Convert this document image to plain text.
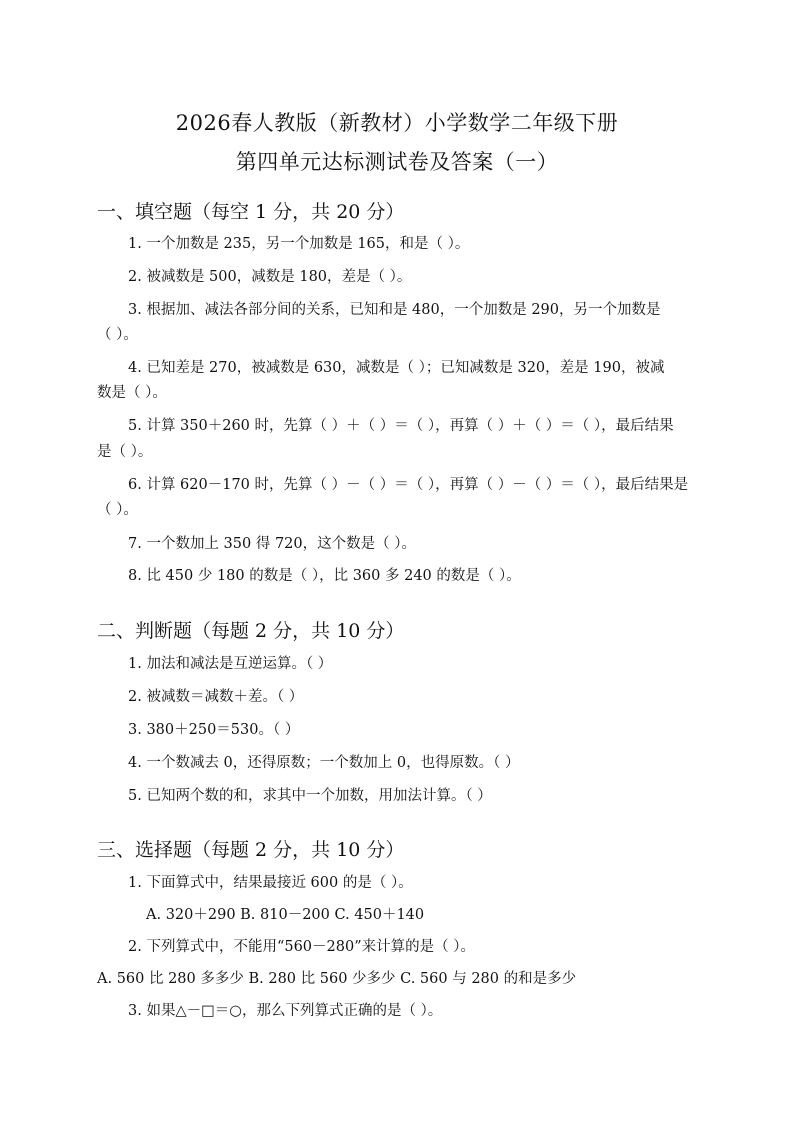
2026春人教版（新教材）小学数学二年级下册
第四单元达标测试卷及答案（一）
一、填空题（每空 1 分，共 20 分）
1. 一个加数是 235，另一个加数是 165，和是（ ）。
2. 被减数是 500，减数是 180，差是（ ）。
3. 根据加、减法各部分间的关系，已知和是 480，一个加数是 290，另一个加数是
（ ）。
4. 已知差是 270，被减数是 630，减数是（ ）；已知减数是 320，差是 190，被减
数是（ ）。
5. 计算 350＋260 时，先算（ ）＋（ ）＝（ ），再算（ ）＋（ ）＝（ ），最后结果
是（ ）。
6. 计算 620－170 时，先算（ ）－（ ）＝（ ），再算（ ）－（ ）＝（ ），最后结果是
（ ）。
7. 一个数加上 350 得 720，这个数是（ ）。
8. 比 450 少 180 的数是（ ），比 360 多 240 的数是（ ）。
二、判断题（每题 2 分，共 10 分）
1. 加法和减法是互逆运算。（ ）
2. 被减数＝减数＋差。（ ）
3. 380＋250＝530。（ ）
4. 一个数减去 0，还得原数；一个数加上 0，也得原数。（ ）
5. 已知两个数的和，求其中一个加数，用加法计算。（ ）
三、选择题（每题 2 分，共 10 分）
1. 下面算式中，结果最接近 600 的是（ ）。
A. 320＋290 B. 810－200 C. 450＋140
2. 下列算式中，不能用“560－280”来计算的是（ ）。
A. 560 比 280 多多少 B. 280 比 560 少多少 C. 560 与 280 的和是多少
3. 如果△－□＝○，那么下列算式正确的是（ ）。
